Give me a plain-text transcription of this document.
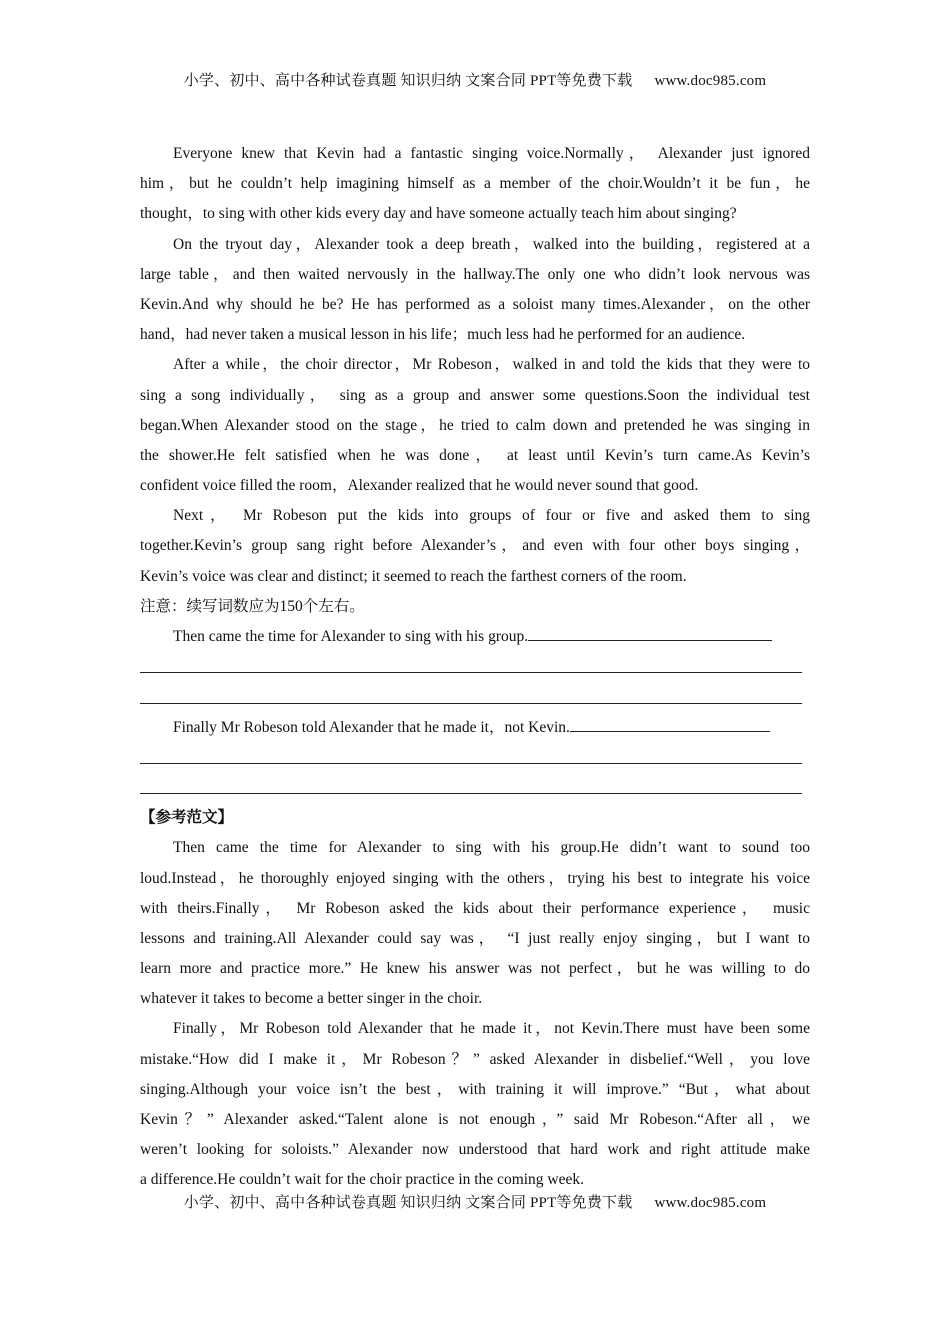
小学、初中、高中各种试卷真题 知识归纳 文案合同 PPT等免费下载 www.doc985.com
Everyone knew that Kevin had a fantastic singing voice.Normally， Alexander just ignored
him，but he couldn’t help imagining himself as a member of the choir.Wouldn’t it be fun，he
thought，to sing with other kids every day and have someone actually teach him about singing?
On the tryout day，Alexander took a deep breath，walked into the building，registered at a
large table，and then waited nervously in the hallway.The only one who didn’t look nervous was
Kevin.And why should he be? He has performed as a soloist many times.Alexander，on the other
hand，had never taken a musical lesson in his life；much less had he performed for an audience.
After a while，the choir director，Mr Robeson，walked in and told the kids that they were to
sing a song individually， sing as a group and answer some questions.Soon the individual test
began.When Alexander stood on the stage，he tried to calm down and pretended he was singing in
the shower.He felt satisfied when he was done， at least until Kevin’s turn came.As Kevin’s
confident voice filled the room，Alexander realized that he would never sound that good.
Next， Mr Robeson put the kids into groups of four or five and asked them to sing
together.Kevin’s group sang right before Alexander’s，and even with four other boys singing，
Kevin’s voice was clear and distinct; it seemed to reach the farthest corners of the room.
注意：续写词数应为150个左右。
Then came the time for Alexander to sing with his group.
Finally Mr Robeson told Alexander that he made it，not Kevin.
【参考范文】
Then came the time for Alexander to sing with his group.He didn’t want to sound too
loud.Instead，he thoroughly enjoyed singing with the others，trying his best to integrate his voice
with theirs.Finally， Mr Robeson asked the kids about their performance experience， music
lessons and training.All Alexander could say was， “I just really enjoy singing，but I want to
learn more and practice more.” He knew his answer was not perfect，but he was willing to do
whatever it takes to become a better singer in the choir.
Finally，Mr Robeson told Alexander that he made it，not Kevin.There must have been some
mistake.“How did I make it，Mr Robeson？” asked Alexander in disbelief.“Well，you love
singing.Although your voice isn’t the best，with training it will improve.” “But，what about
Kevin？” Alexander asked.“Talent alone is not enough，” said Mr Robeson.“After all，we
weren’t looking for soloists.” Alexander now understood that hard work and right attitude make
a difference.He couldn’t wait for the choir practice in the coming week.
小学、初中、高中各种试卷真题 知识归纳 文案合同 PPT等免费下载 www.doc985.com
